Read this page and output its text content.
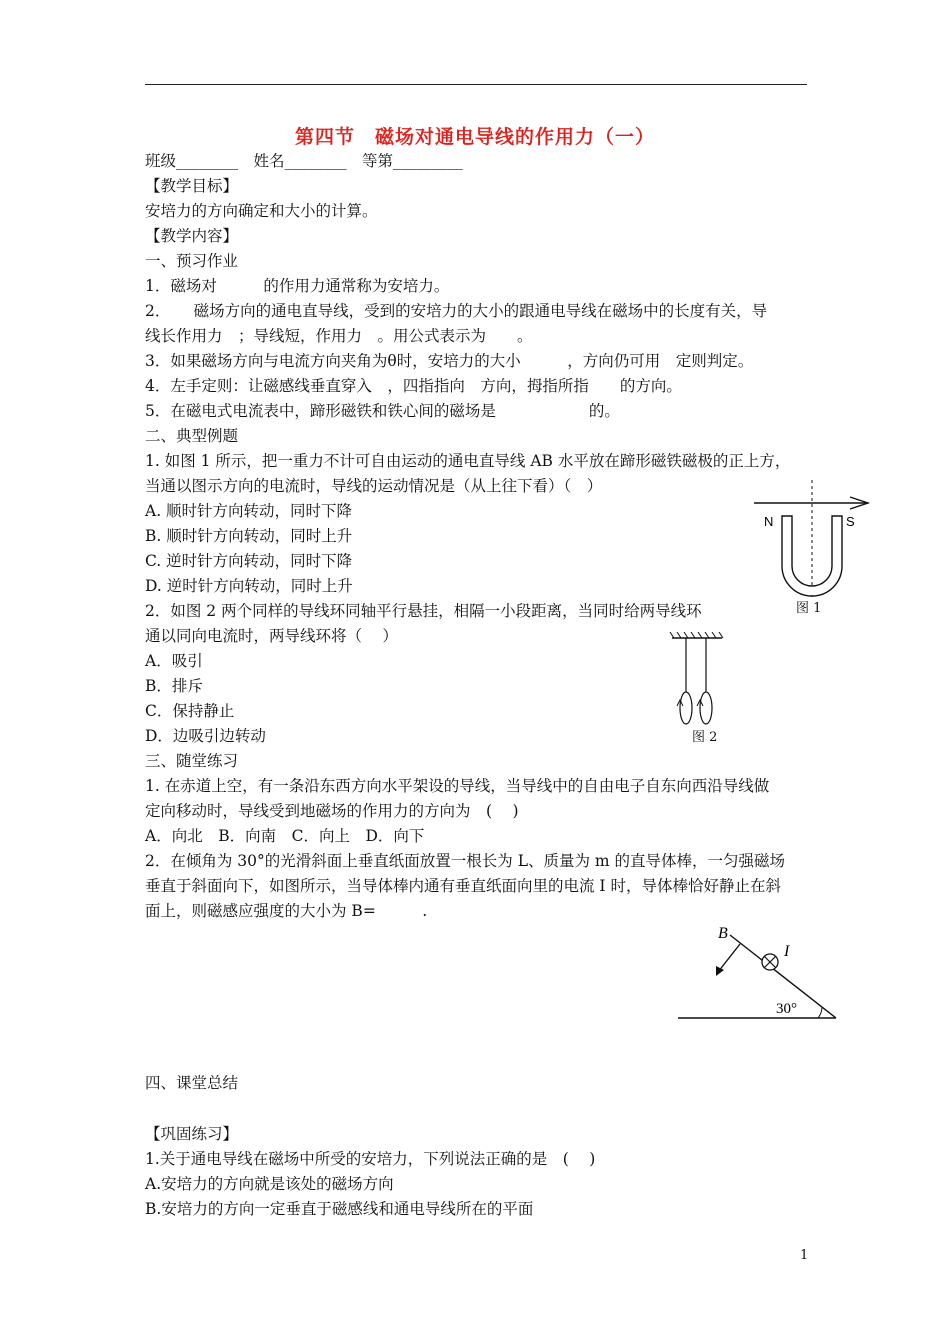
第四节　磁场对通电导线的作用力（一）
班级________　姓名________　等第_________
【教学目标】
安培力的方向确定和大小的计算。
【教学内容】
一、预习作业
1．磁场对　　　的作用力通常称为安培力。
2．　　磁场方向的通电直导线，受到的安培力的大小的跟通电导线在磁场中的长度有关，导
线长作用力　；导线短，作用力　。用公式表示为　　。
3．如果磁场方向与电流方向夹角为θ时，安培力的大小　　　，方向仍可用　定则判定。
4．左手定则：让磁感线垂直穿入　，四指指向　方向，拇指所指　　的方向。
5．在磁电式电流表中，蹄形磁铁和铁心间的磁场是　　　　　　的。
二、典型例题
1. 如图 1 所示，把一重力不计可自由运动的通电直导线 AB 水平放在蹄形磁铁磁极的正上方，
当通以图示方向的电流时，导线的运动情况是（从上往下看）（　）
A. 顺时针方向转动，同时下降
B. 顺时针方向转动，同时上升
C. 逆时针方向转动，同时下降
D. 逆时针方向转动，同时上升
2．如图 2 两个同样的导线环同轴平行悬挂，相隔一小段距离，当同时给两导线环
通以同向电流时，两导线环将（　 ）
A．吸引
B．排斥
C．保持静止
D．边吸引边转动
三、随堂练习
1. 在赤道上空，有一条沿东西方向水平架设的导线，当导线中的自由电子自东向西沿导线做
定向移动时，导线受到地磁场的作用力的方向为　( 　)
A．向北　B．向南　C．向上　D．向下
2．在倾角为 30°的光滑斜面上垂直纸面放置一根长为 L、质量为 m 的直导体棒，一匀强磁场
垂直于斜面向下，如图所示，当导体棒内通有垂直纸面向里的电流 I 时，导体棒恰好静止在斜
面上，则磁感应强度的大小为 B=　　　.
四、课堂总结
【巩固练习】
1.关于通电导线在磁场中所受的安培力，下列说法正确的是　(　 )
A.安培力的方向就是该处的磁场方向
B.安培力的方向一定垂直于磁感线和通电导线所在的平面
N	S
图 1
图 2
B
I
30°
1
